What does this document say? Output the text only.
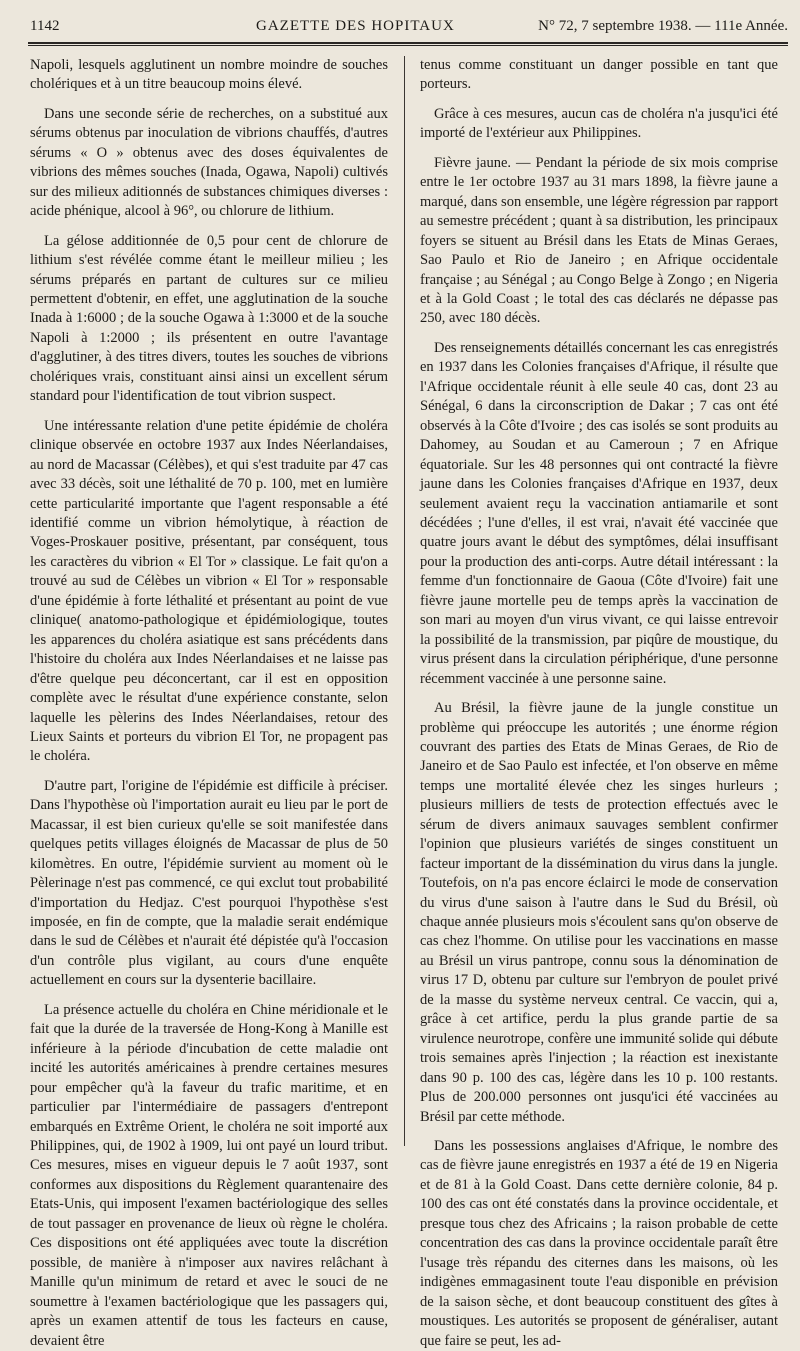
1142	GAZETTE DES HOPITAUX	N° 72, 7 septembre 1938. — 111e Année.

Napoli, lesquels agglutinent un nombre moindre de souches cholériques et à un titre beaucoup moins élevé.

Dans une seconde série de recherches, on a substitué aux sérums obtenus par inoculation de vibrions chauffés, d'autres sérums « O » obtenus avec des doses équivalentes de vibrions des mêmes souches (Inada, Ogawa, Napoli) cultivés sur des milieux aditionnés de substances chimiques diverses : acide phénique, alcool à 96°, ou chlorure de lithium.

La gélose additionnée de 0,5 pour cent de chlorure de lithium s'est révélée comme étant le meilleur milieu ; les sérums préparés en partant de cultures sur ce milieu permettent d'obtenir, en effet, une agglutination de la souche Inada à 1:6000 ; de la souche Ogawa à 1:3000 et de la souche Napoli à 1:2000 ; ils présentent en outre l'avantage d'agglutiner, à des titres divers, toutes les souches de vibrions cholériques vrais, constituant ainsi ainsi un excellent sérum standard pour l'identification de tout vibrion suspect.

Une intéressante relation d'une petite épidémie de choléra clinique observée en octobre 1937 aux Indes Néerlandaises, au nord de Macassar (Célèbes), et qui s'est traduite par 47 cas avec 33 décès, soit une léthalité de 70 p. 100, met en lumière cette particularité importante que l'agent responsable a été identifié comme un vibrion hémolytique, à réaction de Voges-Proskauer positive, présentant, par conséquent, tous les caractères du vibrion « El Tor » classique. Le fait qu'on a trouvé au sud de Célèbes un vibrion « El Tor » responsable d'une épidémie à forte léthalité et présentant au point de vue clinique( anatomo-pathologique et épidémiologique, toutes les apparences du choléra asiatique est sans précédents dans l'histoire du choléra aux Indes Néerlandaises et ne laisse pas d'être quelque peu déconcertant, car il est en opposition complète avec le résultat d'une expérience constante, selon laquelle les pèlerins des Indes Néerlandaises, retour des Lieux Saints et porteurs du vibrion El Tor, ne propagent pas le choléra.

D'autre part, l'origine de l'épidémie est difficile à préciser. Dans l'hypothèse où l'importation aurait eu lieu par le port de Macassar, il est bien curieux qu'elle se soit manifestée dans quelques petits villages éloignés de Macassar de plus de 50 kilomètres. En outre, l'épidémie survient au moment où le Pèlerinage n'est pas commencé, ce qui exclut tout probabilité d'importation du Hedjaz. C'est pourquoi l'hypothèse s'est imposée, en fin de compte, que la maladie serait endémique dans le sud de Célèbes et n'aurait été dépistée qu'à l'occasion d'un contrôle plus vigilant, au cours d'une enquête actuellement en cours sur la dysenterie bacillaire.

La présence actuelle du choléra en Chine méridionale et le fait que la durée de la traversée de Hong-Kong à Manille est inférieure à la période d'incubation de cette maladie ont incité les autorités américaines à prendre certaines mesures pour empêcher qu'à la faveur du trafic maritime, et en particulier par l'intermédiaire de passagers d'entrepont embarqués en Extrême Orient, le choléra ne soit importé aux Philippines, qui, de 1902 à 1909, lui ont payé un lourd tribut. Ces mesures, mises en vigueur depuis le 7 août 1937, sont conformes aux dispositions du Règlement quarantenaire des Etats-Unis, qui imposent l'examen bactériologique des selles de tout passager en provenance de lieux où règne le choléra. Ces dispositions ont été appliquées avec toute la discrétion possible, de manière à n'imposer aux navires relâchant à Manille qu'un minimum de retard et avec le souci de ne soumettre à l'examen bactériologique que les passagers qui, après un examen attentif de tous les facteurs en cause, devaient être

tenus comme constituant un danger possible en tant que porteurs.

Grâce à ces mesures, aucun cas de choléra n'a jusqu'ici été importé de l'extérieur aux Philippines.

Fièvre jaune. — Pendant la période de six mois comprise entre le 1er octobre 1937 au 31 mars 1898, la fièvre jaune a marqué, dans son ensemble, une légère régression par rapport au semestre précédent ; quant à sa distribution, les principaux foyers se situent au Brésil dans les Etats de Minas Geraes, Sao Paulo et Rio de Janeiro ; en Afrique occidentale française ; au Sénégal ; au Congo Belge à Zongo ; en Nigeria et à la Gold Coast ; le total des cas déclarés ne dépasse pas 250, avec 180 décès.

Des renseignements détaillés concernant les cas enregistrés en 1937 dans les Colonies françaises d'Afrique, il résulte que l'Afrique occidentale réunit à elle seule 40 cas, dont 23 au Sénégal, 6 dans la circonscription de Dakar ; 7 cas ont été observés à la Côte d'Ivoire ; des cas isolés se sont produits au Dahomey, au Soudan et au Cameroun ; 7 en Afrique équatoriale. Sur les 48 personnes qui ont contracté la fièvre jaune dans les Colonies françaises d'Afrique en 1937, deux seulement avaient reçu la vaccination antiamarile et sont décédées ; l'une d'elles, il est vrai, n'avait été vaccinée que quatre jours avant le début des symptômes, délai insuffisant pour la production des anti-corps. Autre détail intéressant : la femme d'un fonctionnaire de Gaoua (Côte d'Ivoire) fait une fièvre jaune mortelle peu de temps après la vaccination de son mari au moyen d'un virus vivant, ce qui laisse entrevoir la possibilité de la transmission, par piqûre de moustique, du virus présent dans la circulation périphérique, d'une personne récemment vaccinée à une personne saine.

Au Brésil, la fièvre jaune de la jungle constitue un problème qui préoccupe les autorités ; une énorme région couvrant des parties des Etats de Minas Geraes, de Rio de Janeiro et de Sao Paulo est infectée, et l'on observe en même temps une mortalité élevée chez les singes hurleurs ; plusieurs milliers de tests de protection effectués avec le sérum de divers animaux sauvages semblent confirmer l'opinion que plusieurs variétés de singes constituent un facteur important de la dissémination du virus dans la jungle. Toutefois, on n'a pas encore éclairci le mode de conservation du virus d'une saison à l'autre dans le Sud du Brésil, où chaque année plusieurs mois s'écoulent sans qu'on observe de cas chez l'homme. On utilise pour les vaccinations en masse au Brésil un virus pantrope, connu sous la dénomination de virus 17 D, obtenu par culture sur l'embryon de poulet privé de la masse du système nerveux central. Ce vaccin, qui a, grâce à cet artifice, perdu la plus grande partie de sa virulence neurotrope, confère une immunité solide qui débute trois semaines après l'injection ; la réaction est inexistante dans 90 p. 100 des cas, légère dans les 10 p. 100 restants. Plus de 200.000 personnes ont jusqu'ici été vaccinées au Brésil par cette méthode.

Dans les possessions anglaises d'Afrique, le nombre des cas de fièvre jaune enregistrés en 1937 a été de 19 en Nigeria et de 81 à la Gold Coast. Dans cette dernière colonie, 84 p. 100 des cas ont été constatés dans la province occidentale, et presque tous chez des Africains ; la raison probable de cette concentration des cas dans la province occidentale paraît être l'usage très répandu des citernes dans les maisons, où les indigènes emmagasinent toute l'eau disponible en prévision de la saison sèche, et dont beaucoup constituent des gîtes à moustiques. Les autorités se proposent de généraliser, autant que faire se peut, les ad-
